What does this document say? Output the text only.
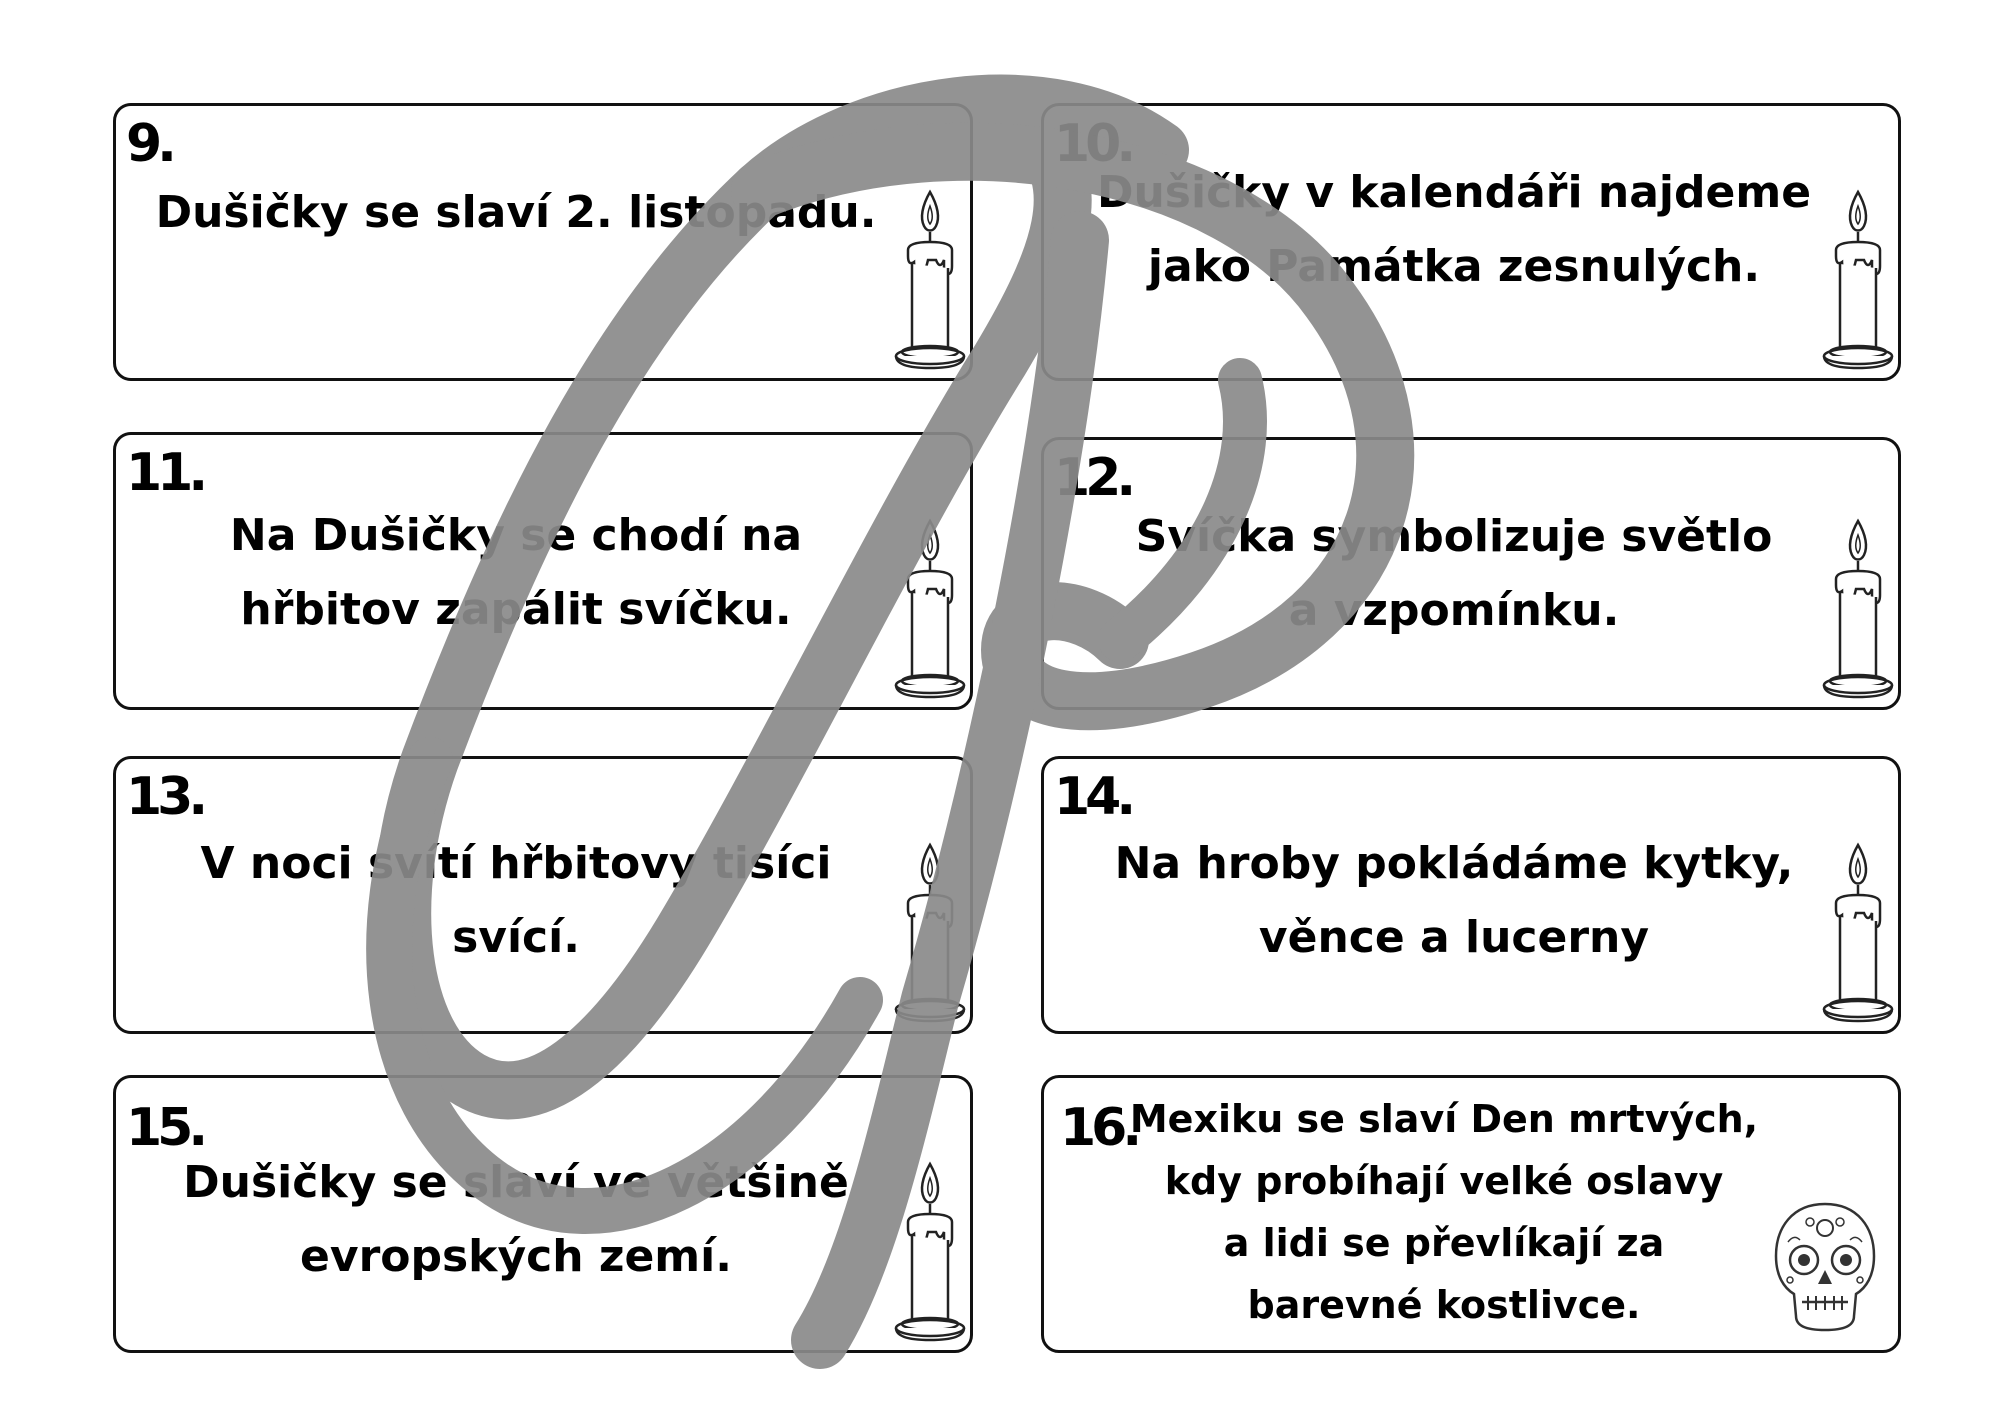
9.
Dušičky se slaví 2. listopadu.
10.
Dušičky v kalendáři najdeme
jako Památka zesnulých.
11.
Na Dušičky se chodí na
hřbitov zapálit svíčku.
12.
Svíčka symbolizuje světlo
a vzpomínku.
13.
V noci svítí hřbitovy tisíci
svící.
14.
Na hroby pokládáme kytky,
věnce a lucerny
15.
Dušičky se slaví ve většině
evropských zemí.
16.
Mexiku se slaví Den mrtvých,
kdy probíhají velké oslavy
a lidi se převlíkají za
barevné kostlivce.
